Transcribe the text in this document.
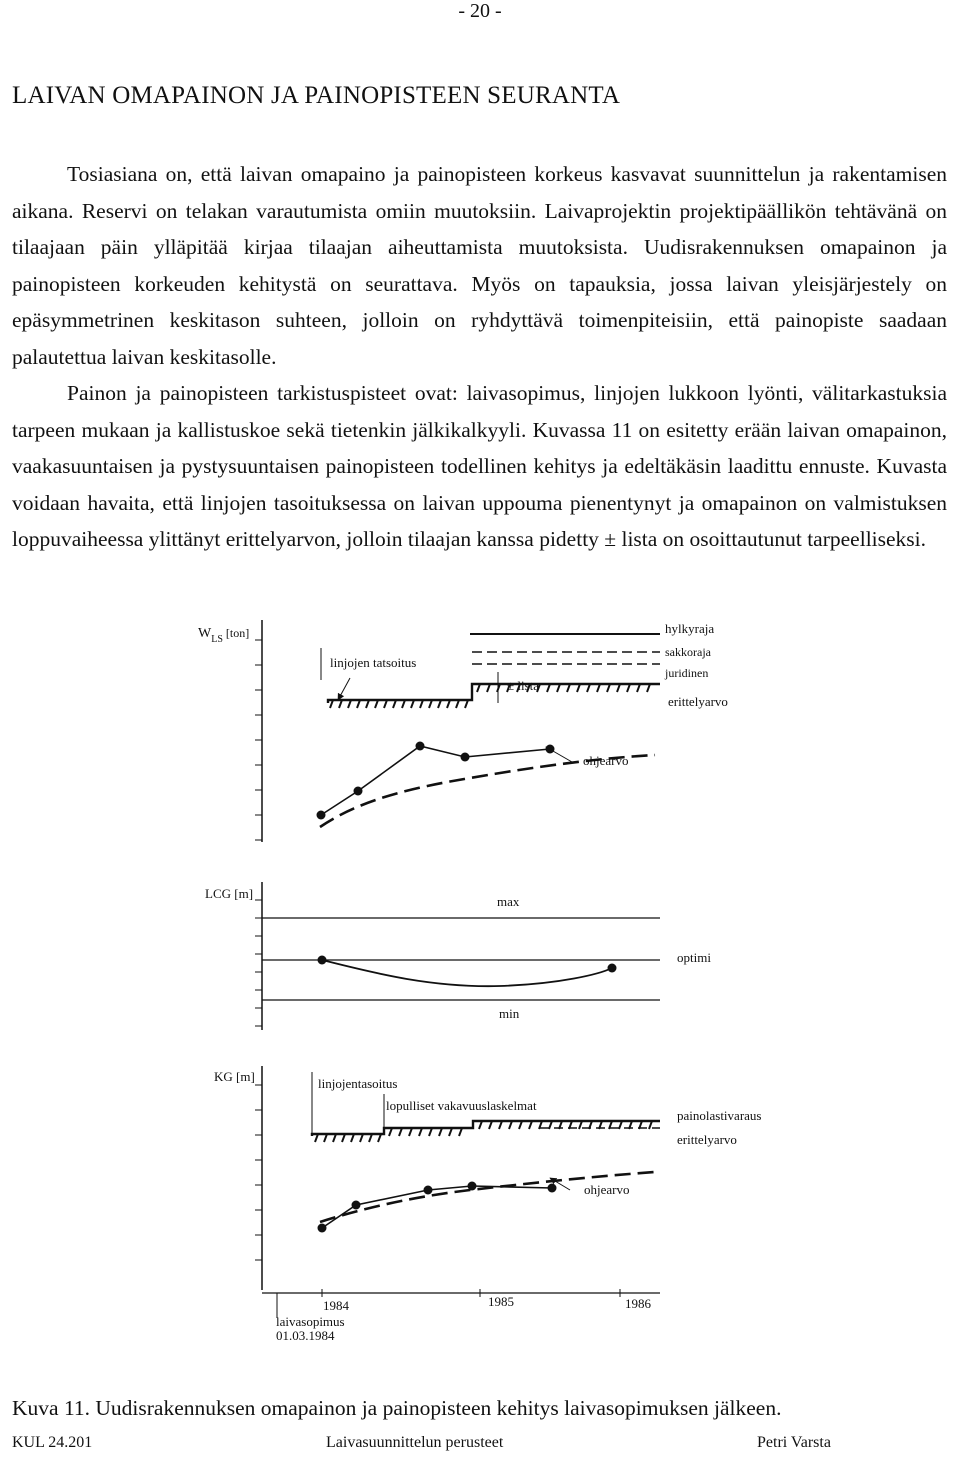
- 20 -
LAIVAN OMAPAINON JA PAINOPISTEEN SEURANTA

Tosiasiana on, että laivan omapaino ja painopisteen korkeus kasvavat suunnittelun ja rakentamisen aikana. Reservi on telakan varautumista omiin muutoksiin. Laivaprojektin projektipäällikön tehtävänä on tilaajaan päin ylläpitää kirjaa tilaajan aiheuttamista muutoksista. Uudisrakennuksen omapainon ja painopisteen korkeuden kehitystä on seurattava. Myös on tapauksia, jossa laivan yleisjärjestely on epäsymmetrinen keskitason suhteen, jolloin on ryhdyttävä toimenpiteisiin, että painopiste saadaan palautettua laivan keskitasolle.

Painon ja painopisteen tarkistuspisteet ovat: laivasopimus, linjojen lukkoon lyönti, välitarkastuksia tarpeen mukaan ja kallistuskoe sekä tietenkin jälkikalkyyli. Kuvassa 11 on esitetty erään laivan omapainon, vaakasuuntaisen ja pystysuuntaisen painopisteen todellinen kehitys ja edeltäkäsin laadittu ennuste. Kuvasta voidaan havaita, että linjojen tasoituksessa on laivan uppouma pienentynyt ja omapainon on valmistuksen loppuvaiheessa ylittänyt erittelyarvon, jolloin tilaajan kanssa pidetty ± lista on osoittautunut tarpeelliseksi.

$W_{LS}$ [ton]	hylkyraja
sakkoraja
juridinen
erittelyarvo
linjojen tatsoitus
± lista
ohjearvo
LCG [m]
max
optimi
min
KG [m]	linjojentasoitus
lopulliset vakavuuslaskelmat
painolastivaraus
erittelyarvo
ohjearvo
1984	1985	1986
laivasopimus
01.03.1984
Kuva 11. Uudisrakennuksen omapainon ja painopisteen kehitys laivasopimuksen jälkeen.
KUL 24.201	Laivasuunnittelun perusteet	Petri Varsta
